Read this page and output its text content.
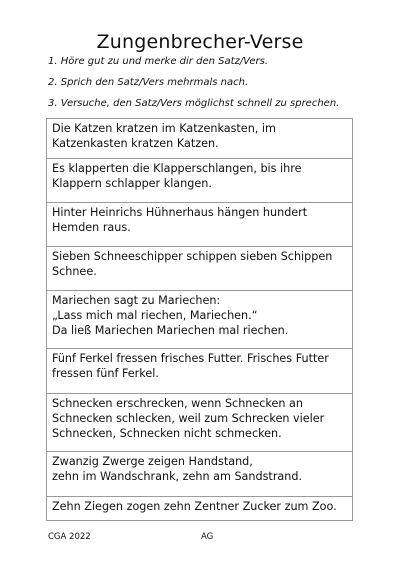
Zungenbrecher-Verse
1. Höre gut zu und merke dir den Satz/Vers.
2. Sprich den Satz/Vers mehrmals nach.
3. Versuche, den Satz/Vers möglichst schnell zu sprechen.
Die Katzen kratzen im Katzenkasten, im
Katzenkasten kratzen Katzen.
Es klapperten die Klapperschlangen, bis ihre
Klappern schlapper klangen.
Hinter Heinrichs Hühnerhaus hängen hundert
Hemden raus.
Sieben Schneeschipper schippen sieben Schippen
Schnee.
Mariechen sagt zu Mariechen:
„Lass mich mal riechen, Mariechen.“
Da ließ Mariechen Mariechen mal riechen.
Fünf Ferkel fressen frisches Futter. Frisches Futter
fressen fünf Ferkel.
Schnecken erschrecken, wenn Schnecken an
Schnecken schlecken, weil zum Schrecken vieler
Schnecken, Schnecken nicht schmecken.
Zwanzig Zwerge zeigen Handstand,
zehn im Wandschrank, zehn am Sandstrand.
Zehn Ziegen zogen zehn Zentner Zucker zum Zoo.
CGA 2022	AG
